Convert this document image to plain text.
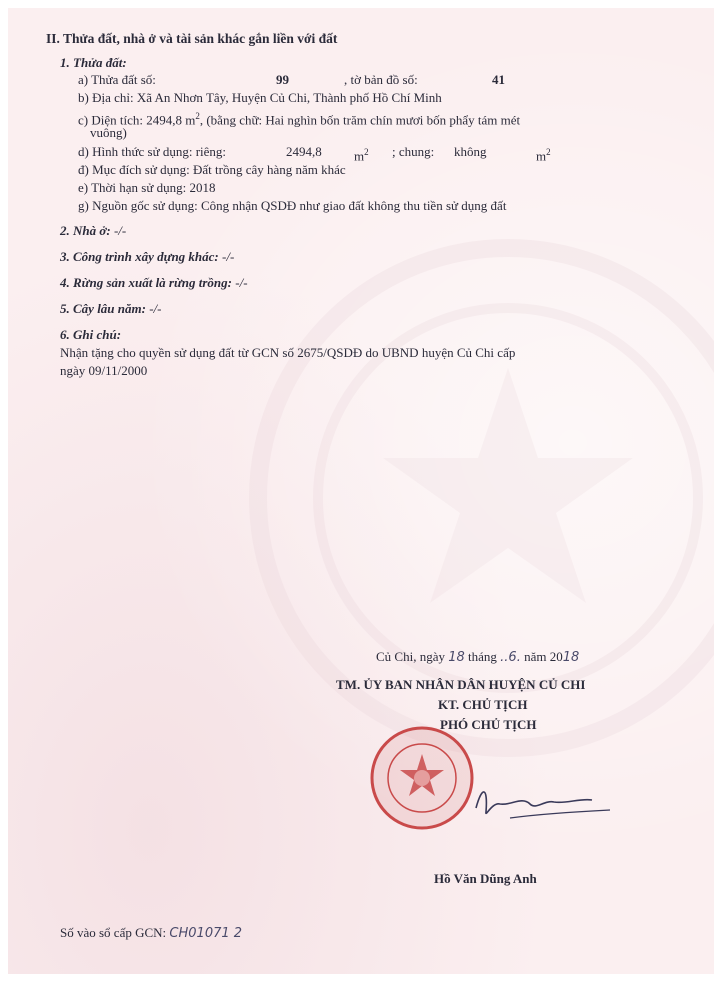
II. Thửa đất, nhà ở và tài sản khác gắn liền với đất
1. Thửa đất:
a) Thửa đất số:	99	, tờ bản đồ số:	41
b) Địa chỉ: Xã An Nhơn Tây, Huyện Củ Chi, Thành phố Hồ Chí Minh
c) Diện tích: 2494,8 $m^2$, (bằng chữ: Hai nghìn bốn trăm chín mươi bốn phẩy tám mét
vuông)
d) Hình thức sử dụng: riêng:	2494,8 $m^2$ ; chung: không	$m^2$
đ) Mục đích sử dụng: Đất trồng cây hàng năm khác
e) Thời hạn sử dụng: 2018
g) Nguồn gốc sử dụng: Công nhận QSDĐ như giao đất không thu tiền sử dụng đất
2. Nhà ở: -/-
3. Công trình xây dựng khác: -/-
4. Rừng sản xuất là rừng trồng: -/-
5. Cây lâu năm: -/-
6. Ghi chú:
Nhận tặng cho quyền sử dụng đất từ GCN số 2675/QSDĐ do UBND huyện Củ Chi cấp
ngày 09/11/2000
Củ Chi, ngày 18 tháng ..6. năm 2018
TM. ỦY BAN NHÂN DÂN HUYỆN CỦ CHI
KT. CHỦ TỊCH
PHÓ CHỦ TỊCH
Hồ Văn Dũng Anh
Số vào sổ cấp GCN: CH01071 2
